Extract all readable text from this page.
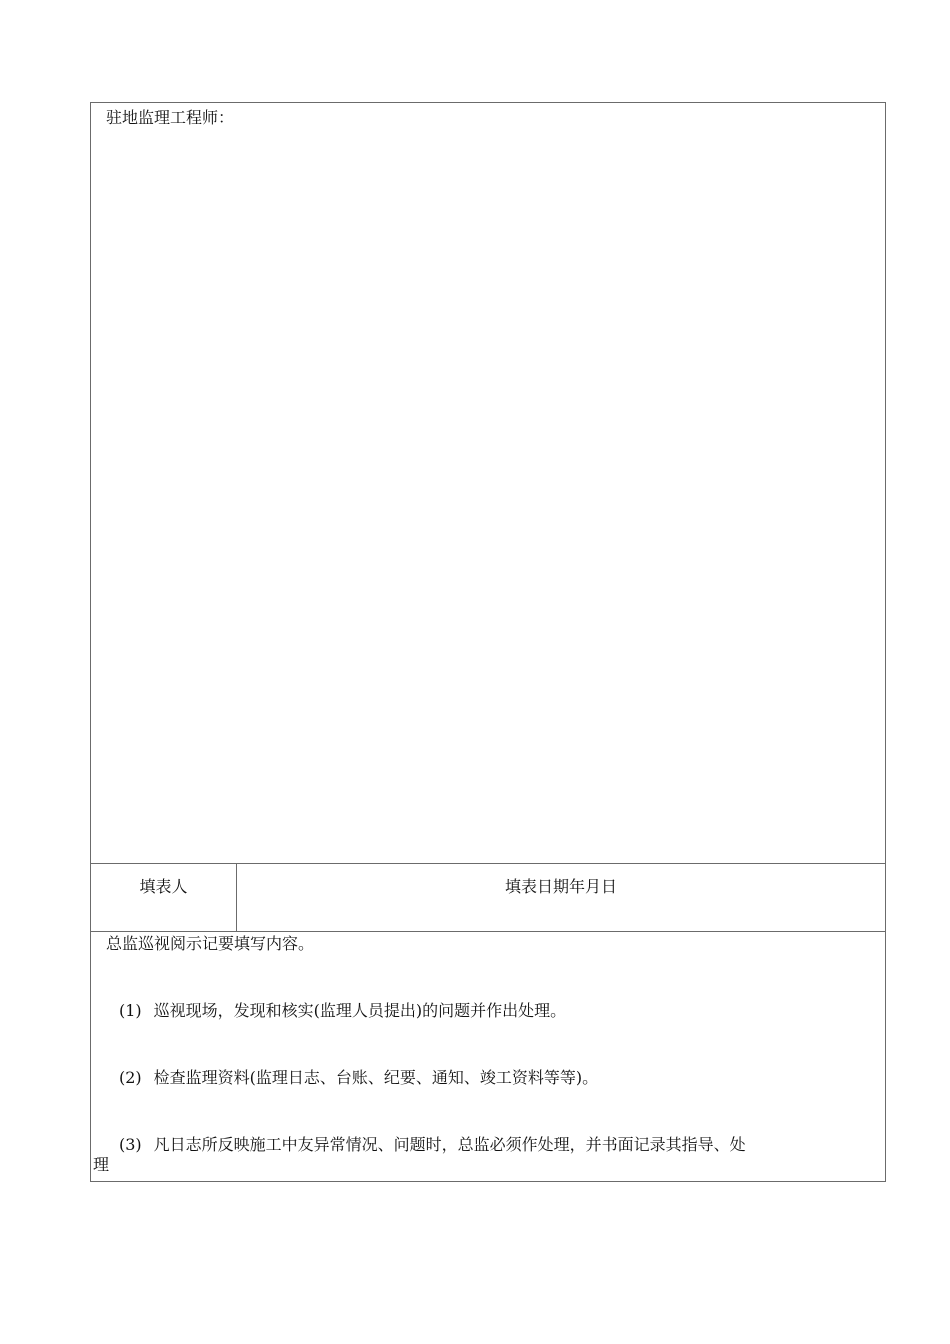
驻地监理工程师：

填表人	填表日期年月日

总监巡视阅示记要填写内容。
(1) 巡视现场，发现和核实(监理人员提出)的问题并作出处理。
(2) 检查监理资料(监理日志、台账、纪要、通知、竣工资料等等)。
(3) 凡日志所反映施工中友异常情况、问题时，总监必须作处理，并书面记录其指导、处
理
